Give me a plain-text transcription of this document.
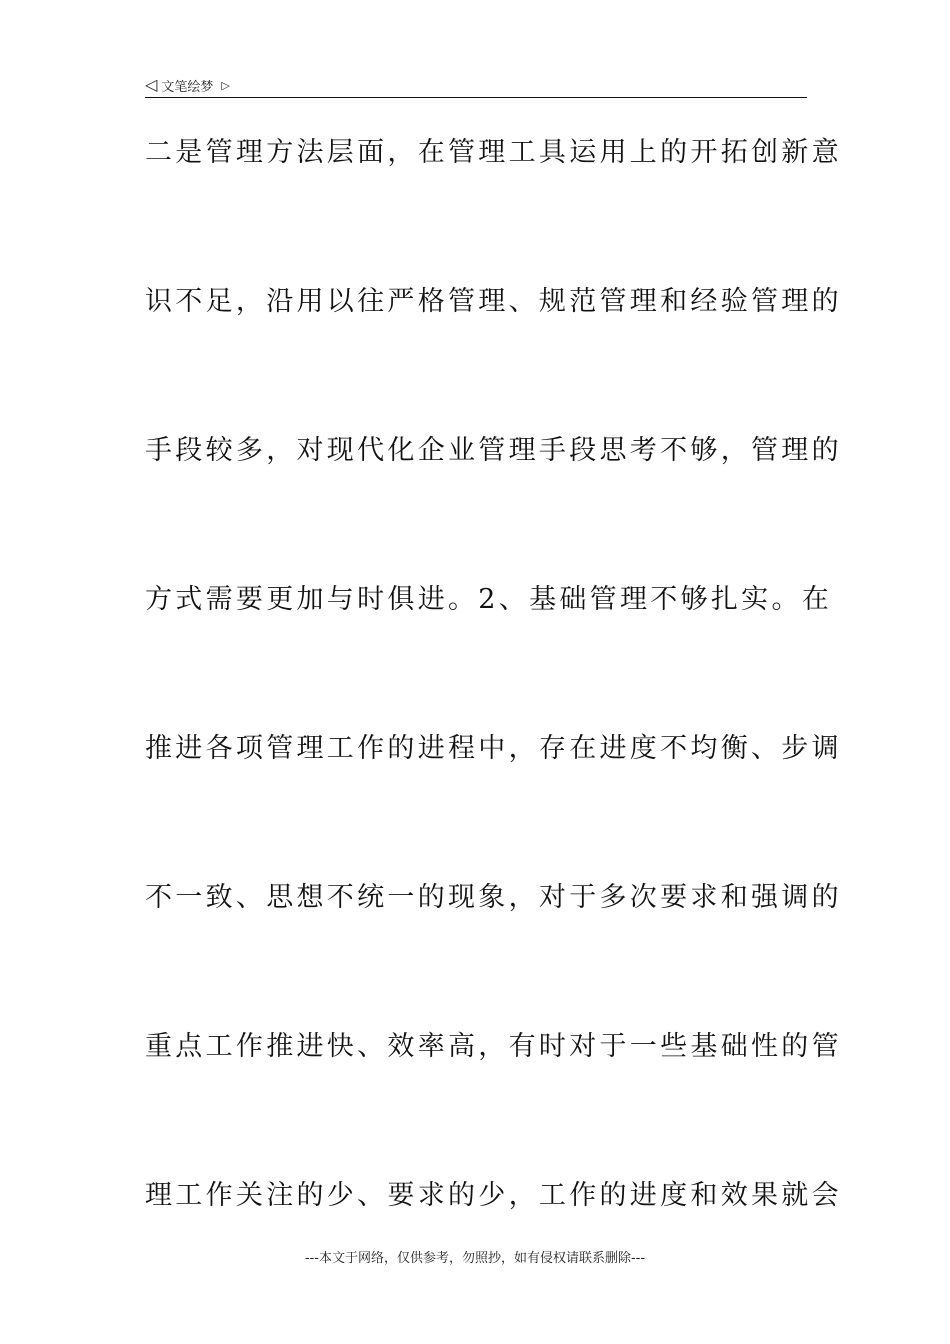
◁ 文笔绘梦 ▷
二是管理方法层面，在管理工具运用上的开拓创新意
识不足，沿用以往严格管理、规范管理和经验管理的
手段较多，对现代化企业管理手段思考不够，管理的
方式需要更加与时俱进。2、基础管理不够扎实。在
推进各项管理工作的进程中，存在进度不均衡、步调
不一致、思想不统一的现象，对于多次要求和强调的
重点工作推进快、效率高，有时对于一些基础性的管
理工作关注的少、要求的少，工作的进度和效果就会
---本文于网络，仅供参考，勿照抄，如有侵权请联系删除---
